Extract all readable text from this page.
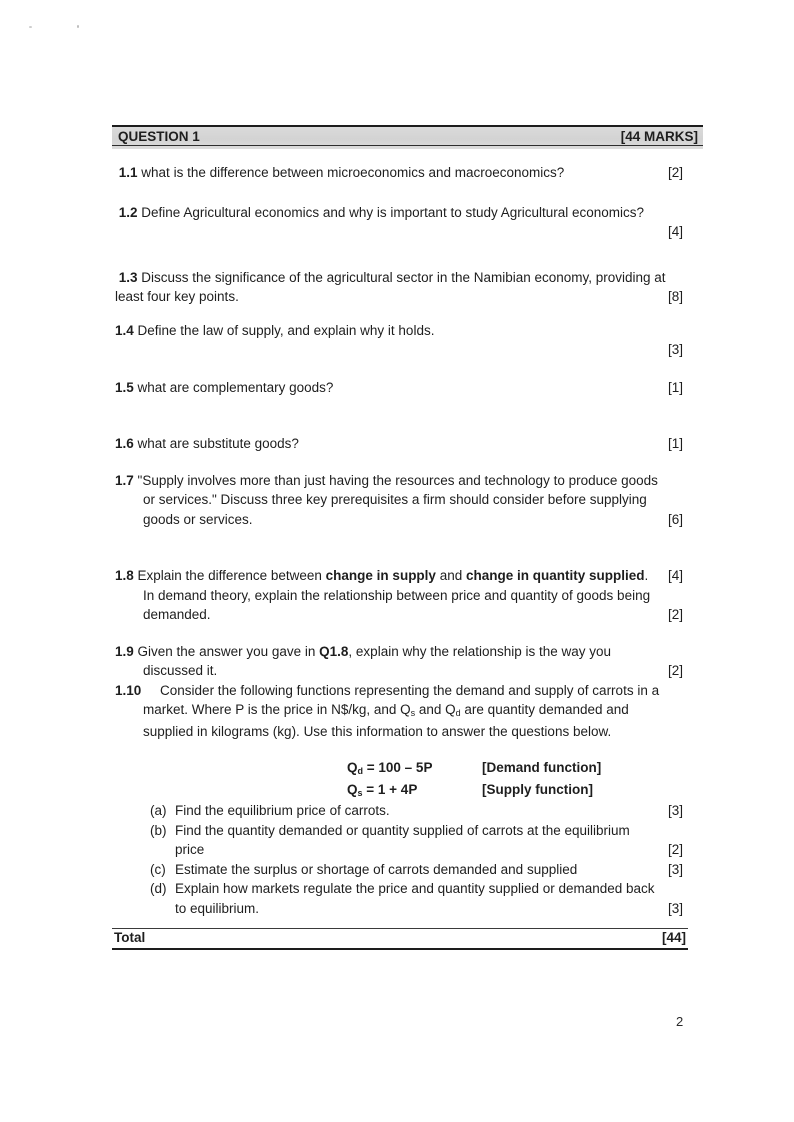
QUESTION 1	[44 MARKS]
1.1 what is the difference between microeconomics and macroeconomics?	[2]
1.2 Define Agricultural economics and why is important to study Agricultural economics?
[4]
1.3 Discuss the significance of the agricultural sector in the Namibian economy, providing at
least four key points.	[8]
1.4 Define the law of supply, and explain why it holds.
[3]
1.5 what are complementary goods?	[1]
1.6 what are substitute goods?	[1]
1.7 "Supply involves more than just having the resources and technology to produce goods
or services." Discuss three key prerequisites a firm should consider before supplying
goods or services.	[6]
1.8 Explain the difference between change in supply and change in quantity supplied.	[4]
In demand theory, explain the relationship between price and quantity of goods being
demanded.	[2]
1.9 Given the answer you gave in Q1.8, explain why the relationship is the way you
discussed it.	[2]
1.10     Consider the following functions representing the demand and supply of carrots in a
market. Where P is the price in N$/kg, and Qs and Qd are quantity demanded and
supplied in kilograms (kg). Use this information to answer the questions below.
Qd = 100 – 5P	[Demand function]
Qs = 1 + 4P	[Supply function]
(a) Find the equilibrium price of carrots.	[3]
(b) Find the quantity demanded or quantity supplied of carrots at the equilibrium
price	[2]
(c) Estimate the surplus or shortage of carrots demanded and supplied	[3]
(d) Explain how markets regulate the price and quantity supplied or demanded back
to equilibrium.	[3]
Total	[44]
2
